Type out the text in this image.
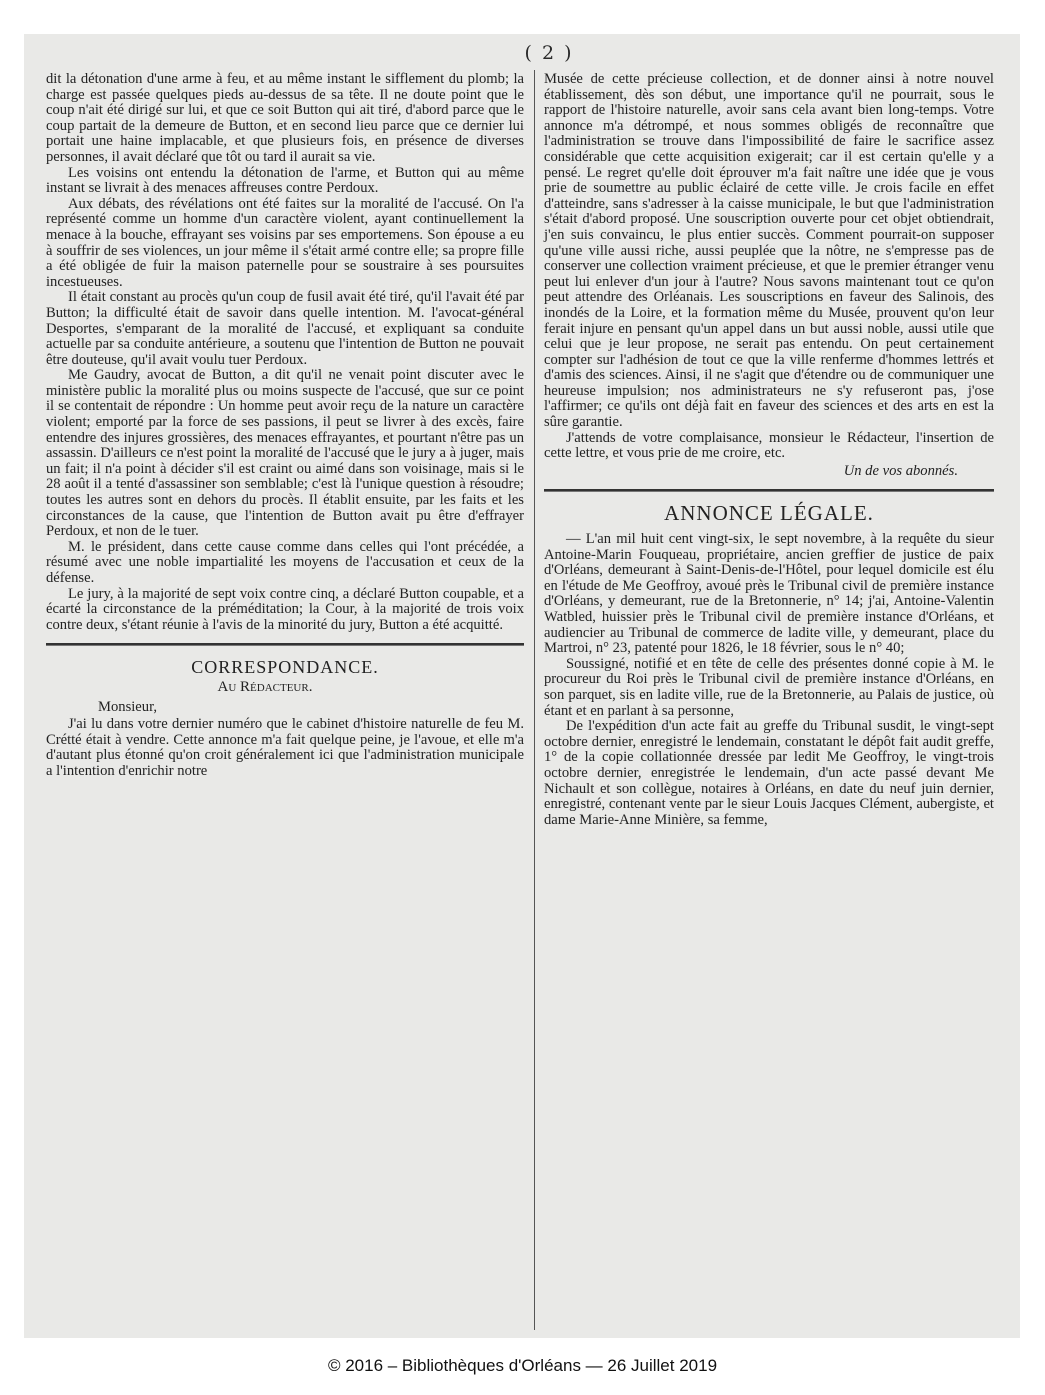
( 2 )

dit la détonation d'une arme à feu, et au même instant le sifflement du plomb; la charge est passée quelques pieds au-dessus de sa tête. Il ne doute point que le coup n'ait été dirigé sur lui, et que ce soit Button qui ait tiré, d'abord parce que le coup partait de la demeure de Button, et en second lieu parce que ce dernier lui portait une haine implacable, et que plusieurs fois, en présence de diverses personnes, il avait déclaré que tôt ou tard il aurait sa vie.

Les voisins ont entendu la détonation de l'arme, et Button qui au même instant se livrait à des menaces affreuses contre Perdoux.

Aux débats, des révélations ont été faites sur la moralité de l'accusé. On l'a représenté comme un homme d'un caractère violent, ayant continuellement la menace à la bouche, effrayant ses voisins par ses emportemens. Son épouse a eu à souffrir de ses violences, un jour même il s'était armé contre elle; sa propre fille a été obligée de fuir la maison paternelle pour se soustraire à ses poursuites incestueuses.

Il était constant au procès qu'un coup de fusil avait été tiré, qu'il l'avait été par Button; la difficulté était de savoir dans quelle intention. M. l'avocat-général Desportes, s'emparant de la moralité de l'accusé, et expliquant sa conduite actuelle par sa conduite antérieure, a soutenu que l'intention de Button ne pouvait être douteuse, qu'il avait voulu tuer Perdoux.

Me Gaudry, avocat de Button, a dit qu'il ne venait point discuter avec le ministère public la moralité plus ou moins suspecte de l'accusé, que sur ce point il se contentait de répondre : Un homme peut avoir reçu de la nature un caractère violent; emporté par la force de ses passions, il peut se livrer à des excès, faire entendre des injures grossières, des menaces effrayantes, et pourtant n'être pas un assassin. D'ailleurs ce n'est point la moralité de l'accusé que le jury a à juger, mais un fait; il n'a point à décider s'il est craint ou aimé dans son voisinage, mais si le 28 août il a tenté d'assassiner son semblable; c'est là l'unique question à résoudre; toutes les autres sont en dehors du procès. Il établit ensuite, par les faits et les circonstances de la cause, que l'intention de Button avait pu être d'effrayer Perdoux, et non de le tuer.

M. le président, dans cette cause comme dans celles qui l'ont précédée, a résumé avec une noble impartialité les moyens de l'accusation et ceux de la défense.

Le jury, à la majorité de sept voix contre cinq, a déclaré Button coupable, et a écarté la circonstance de la préméditation; la Cour, à la majorité de trois voix contre deux, s'étant réunie à l'avis de la minorité du jury, Button a été acquitté.

CORRESPONDANCE.
Au Rédacteur.

Monsieur,

J'ai lu dans votre dernier numéro que le cabinet d'histoire naturelle de feu M. Crétté était à vendre. Cette annonce m'a fait quelque peine, je l'avoue, et elle m'a d'autant plus étonné qu'on croit généralement ici que l'administration municipale a l'intention d'enrichir notre

Musée de cette précieuse collection, et de donner ainsi à notre nouvel établissement, dès son début, une importance qu'il ne pourrait, sous le rapport de l'histoire naturelle, avoir sans cela avant bien long-temps. Votre annonce m'a détrompé, et nous sommes obligés de reconnaître que l'administration se trouve dans l'impossibilité de faire le sacrifice assez considérable que cette acquisition exigerait; car il est certain qu'elle y a pensé. Le regret qu'elle doit éprouver m'a fait naître une idée que je vous prie de soumettre au public éclairé de cette ville. Je crois facile en effet d'atteindre, sans s'adresser à la caisse municipale, le but que l'administration s'était d'abord proposé. Une souscription ouverte pour cet objet obtiendrait, j'en suis convaincu, le plus entier succès. Comment pourrait-on supposer qu'une ville aussi riche, aussi peuplée que la nôtre, ne s'empresse pas de conserver une collection vraiment précieuse, et que le premier étranger venu peut lui enlever d'un jour à l'autre? Nous savons maintenant tout ce qu'on peut attendre des Orléanais. Les souscriptions en faveur des Salinois, des inondés de la Loire, et la formation même du Musée, prouvent qu'on leur ferait injure en pensant qu'un appel dans un but aussi noble, aussi utile que celui que je leur propose, ne serait pas entendu. On peut certainement compter sur l'adhésion de tout ce que la ville renferme d'hommes lettrés et d'amis des sciences. Ainsi, il ne s'agit que d'étendre ou de communiquer une heureuse impulsion; nos administrateurs ne s'y refuseront pas, j'ose l'affirmer; ce qu'ils ont déjà fait en faveur des sciences et des arts en est la sûre garantie.

J'attends de votre complaisance, monsieur le Rédacteur, l'insertion de cette lettre, et vous prie de me croire, etc.

Un de vos abonnés.

ANNONCE LÉGALE.

— L'an mil huit cent vingt-six, le sept novembre, à la requête du sieur Antoine-Marin Fouqueau, propriétaire, ancien greffier de justice de paix d'Orléans, demeurant à Saint-Denis-de-l'Hôtel, pour lequel domicile est élu en l'étude de Me Geoffroy, avoué près le Tribunal civil de première instance d'Orléans, y demeurant, rue de la Bretonnerie, n° 14; j'ai, Antoine-Valentin Watbled, huissier près le Tribunal civil de première instance d'Orléans, et audiencier au Tribunal de commerce de ladite ville, y demeurant, place du Martroi, n° 23, patenté pour 1826, le 18 février, sous le n° 40;

Soussigné, notifié et en tête de celle des présentes donné copie à M. le procureur du Roi près le Tribunal civil de première instance d'Orléans, en son parquet, sis en ladite ville, rue de la Bretonnerie, au Palais de justice, où étant et en parlant à sa personne,

De l'expédition d'un acte fait au greffe du Tribunal susdit, le vingt-sept octobre dernier, enregistré le lendemain, constatant le dépôt fait audit greffe, 1° de la copie collationnée dressée par ledit Me Geoffroy, le vingt-trois octobre dernier, enregistrée le lendemain, d'un acte passé devant Me Nichault et son collègue, notaires à Orléans, en date du neuf juin dernier, enregistré, contenant vente par le sieur Louis Jacques Clément, aubergiste, et dame Marie-Anne Minière, sa femme,

© 2016 – Bibliothèques d'Orléans — 26 Juillet 2019
